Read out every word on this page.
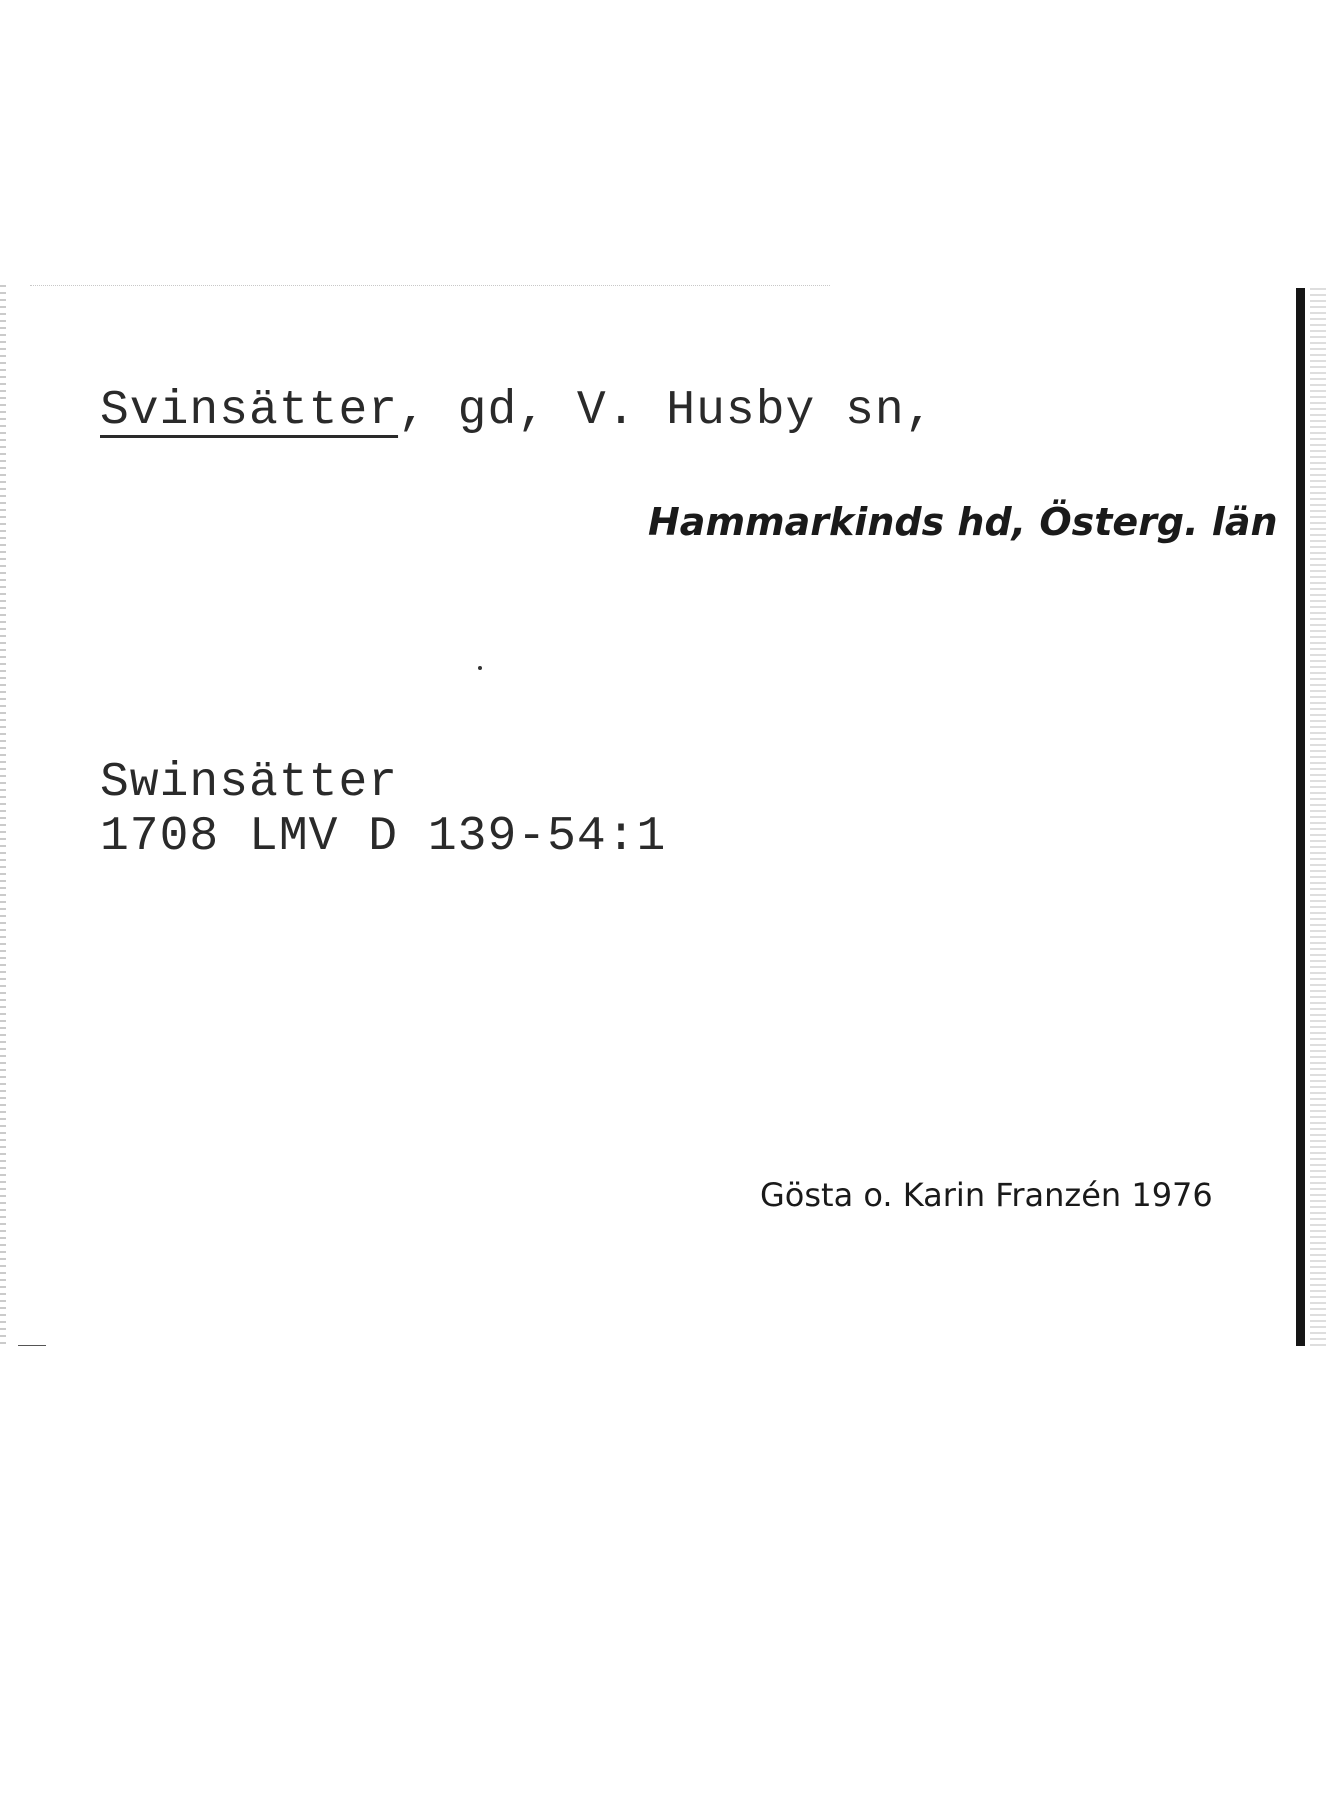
Svinsätter, gd, V. Husby sn,
Hammarkinds hd, Österg. län
Swinsätter
1708 LMV D 139-54:1
Gösta o. Karin Franzén 1976
